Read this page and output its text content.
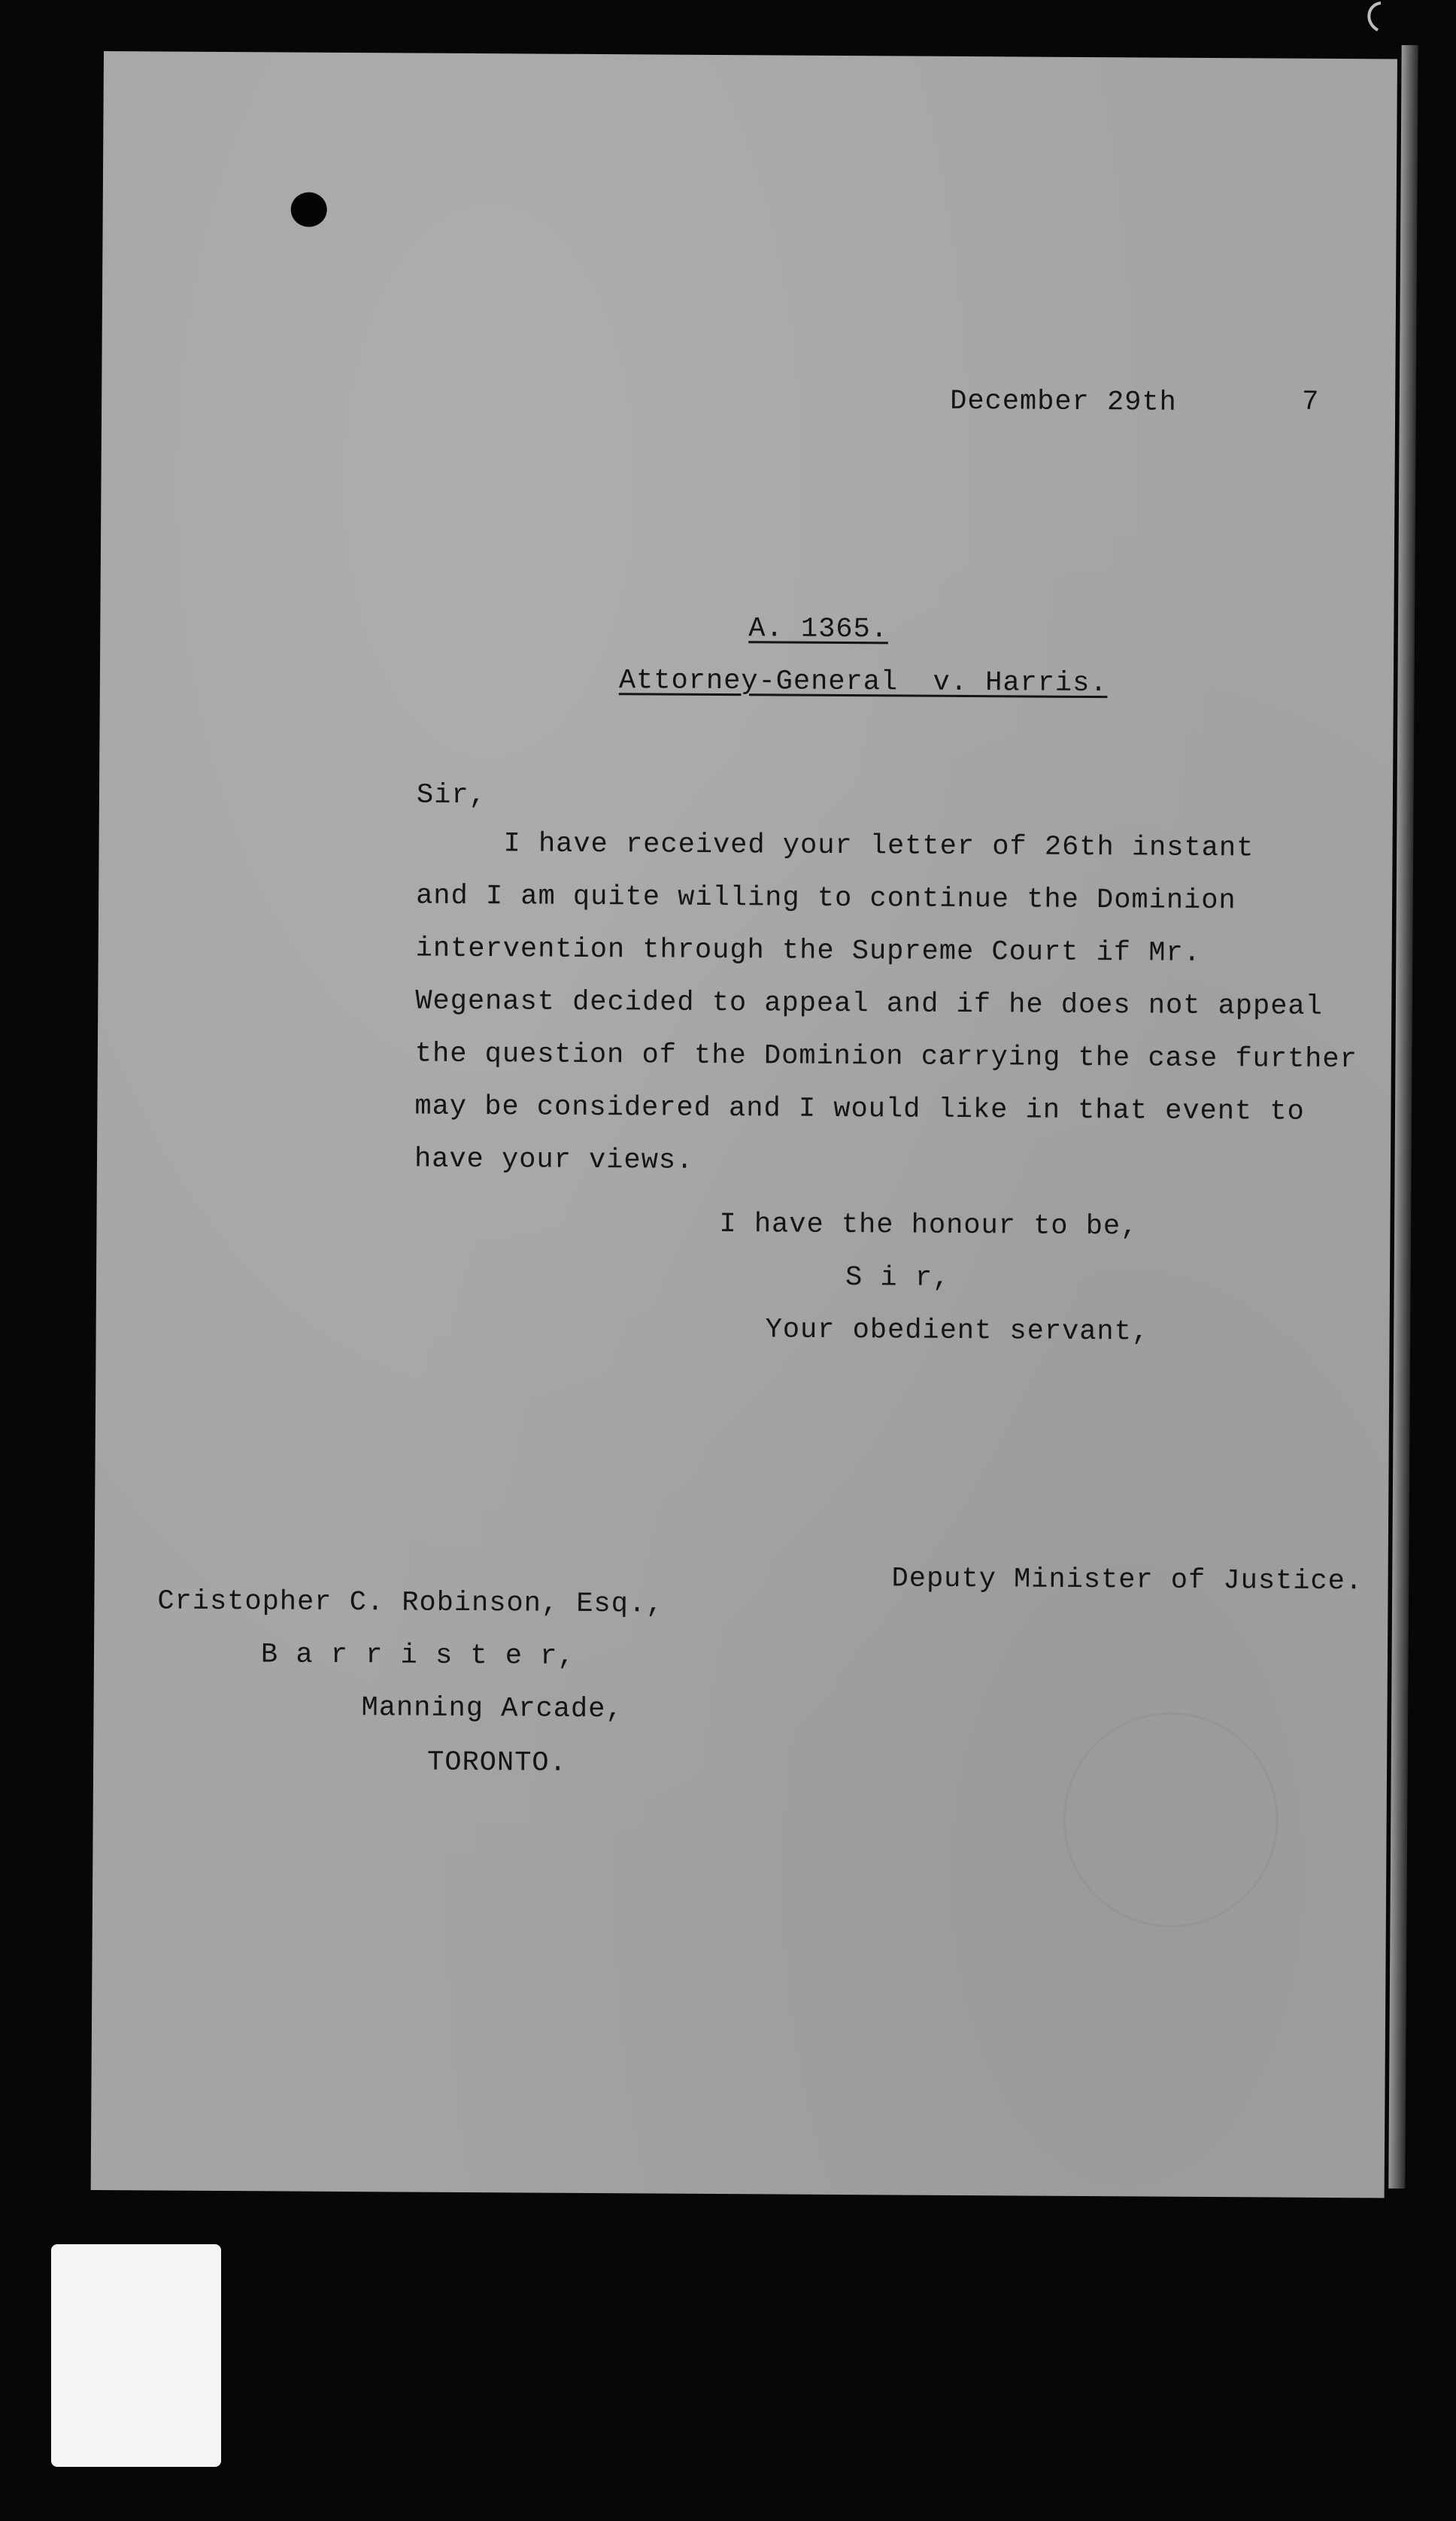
December 29th	7
A. 1365.
Attorney-General  v. Harris.
Sir,
I have received your letter of 26th instant
and I am quite willing to continue the Dominion
intervention through the Supreme Court if Mr.
Wegenast decided to appeal and if he does not appeal
the question of the Dominion carrying the case further
may be considered and I would like in that event to
have your views.
I have the honour to be,
S i r,
Your obedient servant,
Deputy Minister of Justice.
Cristopher C. Robinson, Esq.,
B a r r i s t e r,
Manning Arcade,
TORONTO.
